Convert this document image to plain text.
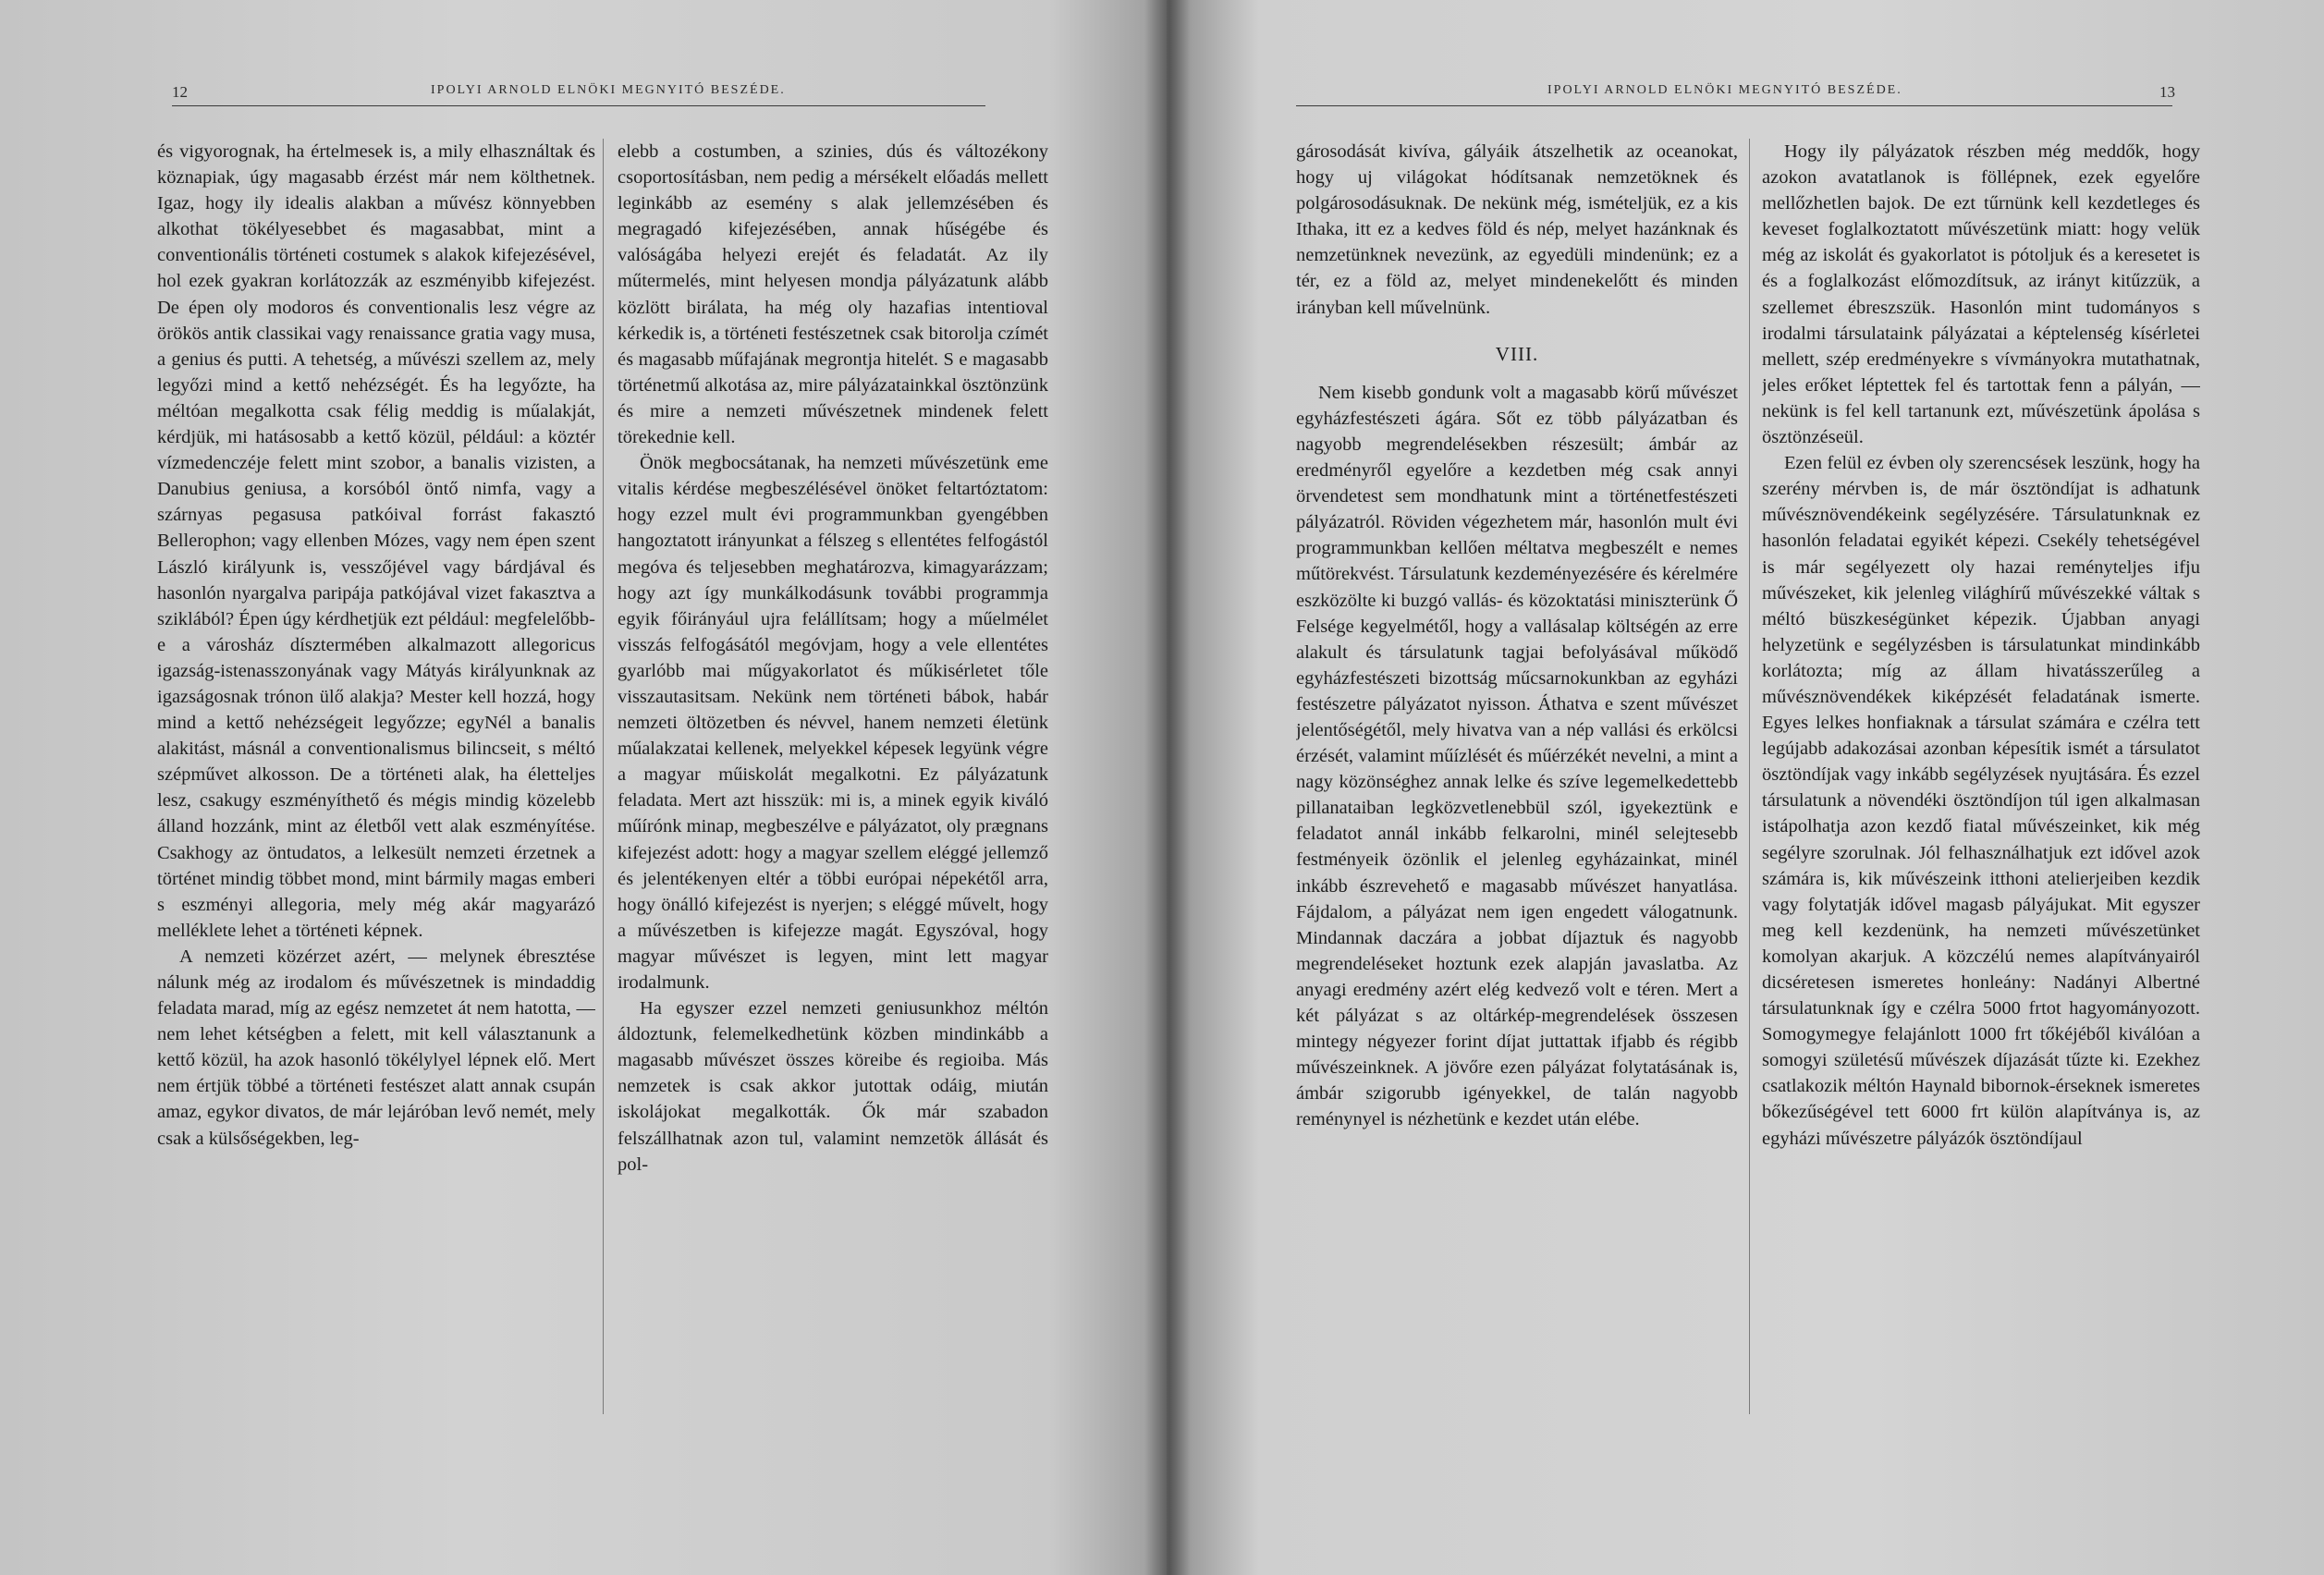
12	IPOLYI ARNOLD ELNÖKI MEGNYITÓ BESZÉDE.

és vigyorognak, ha értelmesek is, a mily elhasználtak és köznapiak, úgy magasabb érzést már nem költhetnek. Igaz, hogy ily idealis alakban a művész könnyebben alkothat tökélyesebbet és magasabbat, mint a conventionális történeti costumek s alakok kifejezésével, hol ezek gyakran korlátozzák az eszményibb kifejezést. De épen oly modoros és conventionalis lesz végre az örökös antik classikai vagy renaissance gratia vagy musa, a genius és putti. A tehetség, a művészi szellem az, mely legyőzi mind a kettő nehézségét. És ha legyőzte, ha méltóan megalkotta csak félig meddig is műalakját, kérdjük, mi hatásosabb a kettő közül, például: a köztér vízmedenczéje felett mint szobor, a banalis vizisten, a Danubius geniusa, a korsóból öntő nimfa, vagy a szárnyas pegasusa patkóival forrást fakasztó Bellerophon; vagy ellenben Mózes, vagy nem épen szent László királyunk is, vesszőjével vagy bárdjával és hasonlón nyargalva paripája patkójával vizet fakasztva a sziklából? Épen úgy kérdhetjük ezt például: megfelelőbb-e a városház dísztermében alkalmazott allegoricus igazság-istenasszonyának vagy Mátyás királyunknak az igazságosnak trónon ülő alakja? Mester kell hozzá, hogy mind a kettő nehézségeit legyőzze; egyNél a banalis alakitást, másnál a conventionalismus bilincseit, s méltó szépművet alkosson. De a történeti alak, ha életteljes lesz, csakugy eszményíthető és mégis mindig közelebb álland hozzánk, mint az életből vett alak eszményítése. Csakhogy az öntudatos, a lelkesült nemzeti érzetnek a történet mindig többet mond, mint bármily magas emberi s eszményi allegoria, mely még akár magyarázó melléklete lehet a történeti képnek.

A nemzeti közérzet azért, — melynek ébresztése nálunk még az irodalom és művészetnek is mindaddig feladata marad, míg az egész nemzetet át nem hatotta, — nem lehet kétségben a felett, mit kell választanunk a kettő közül, ha azok hasonló tökélylyel lépnek elő. Mert nem értjük többé a történeti festészet alatt annak csupán amaz, egykor divatos, de már lejáróban levő nemét, mely csak a külsőségekben, leg-

elebb a costumben, a szinies, dús és változékony csoportosításban, nem pedig a mérsékelt előadás mellett leginkább az esemény s alak jellemzésében és megragadó kifejezésében, annak hűségébe és valóságába helyezi erejét és feladatát. Az ily műtermelés, mint helyesen mondja pályázatunk alább közlött birálata, ha még oly hazafias intentioval kérkedik is, a történeti festészetnek csak bitorolja czímét és magasabb műfajának megrontja hitelét. S e magasabb történetmű alkotása az, mire pályázatainkkal ösztönzünk és mire a nemzeti művészetnek mindenek felett törekednie kell.

Önök megbocsátanak, ha nemzeti művészetünk eme vitalis kérdése megbeszélésével önöket feltartóztatom: hogy ezzel mult évi programmunkban gyengébben hangoztatott irányunkat a félszeg s ellentétes felfogástól megóva és teljesebben meghatározva, kimagyarázzam; hogy azt így munkálkodásunk további programmja egyik főirányául ujra felállítsam; hogy a műelmélet visszás felfogásától megóvjam, hogy a vele ellentétes gyarlóbb mai műgyakorlatot és műkisérletet tőle visszautasitsam. Nekünk nem történeti bábok, habár nemzeti öltözetben és névvel, hanem nemzeti életünk műalakzatai kellenek, melyekkel képesek legyünk végre a magyar műiskolát megalkotni. Ez pályázatunk feladata. Mert azt hisszük: mi is, a minek egyik kiváló műírónk minap, megbeszélve e pályázatot, oly prægnans kifejezést adott: hogy a magyar szellem eléggé jellemző és jelentékenyen eltér a többi európai népekétől arra, hogy önálló kifejezést is nyerjen; s eléggé művelt, hogy a művészetben is kifejezze magát. Egyszóval, hogy magyar művészet is legyen, mint lett magyar irodalmunk.

Ha egyszer ezzel nemzeti geniusunkhoz méltón áldoztunk, felemelkedhetünk közben mindinkább a magasabb művészet összes köreibe és regioiba. Más nemzetek is csak akkor jutottak odáig, miután iskolájokat megalkották. Ők már szabadon felszállhatnak azon tul, valamint nemzetök állását és pol-

IPOLYI ARNOLD ELNÖKI MEGNYITÓ BESZÉDE.	13

gárosodását kivíva, gályáik átszelhetik az oceanokat, hogy uj világokat hódítsanak nemzetöknek és polgárosodásuknak. De nekünk még, ismételjük, ez a kis Ithaka, itt ez a kedves föld és nép, melyet hazánknak és nemzetünknek nevezünk, az egyedüli mindenünk; ez a tér, ez a föld az, melyet mindenekelőtt és minden irányban kell művelnünk.

VIII.

Nem kisebb gondunk volt a magasabb körű művészet egyházfestészeti ágára. Sőt ez több pályázatban és nagyobb megrendelésekben részesült; ámbár az eredményről egyelőre a kezdetben még csak annyi örvendetest sem mondhatunk mint a történetfestészeti pályázatról. Röviden végezhetem már, hasonlón mult évi programmunkban kellően méltatva megbeszélt e nemes műtörekvést. Társulatunk kezdeményezésére és kérelmére eszközölte ki buzgó vallás- és közoktatási miniszterünk Ő Felsége kegyelmétől, hogy a vallásalap költségén az erre alakult és társulatunk tagjai befolyásával működő egyházfestészeti bizottság műcsarnokunkban az egyházi festészetre pályázatot nyisson. Áthatva e szent művészet jelentőségétől, mely hivatva van a nép vallási és erkölcsi érzését, valamint műízlését és műérzékét nevelni, a mint a nagy közönséghez annak lelke és szíve legemelkedettebb pillanataiban legközvetlenebbül szól, igyekeztünk e feladatot annál inkább felkarolni, minél selejtesebb festményeik özönlik el jelenleg egyházainkat, minél inkább észrevehető e magasabb művészet hanyatlása. Fájdalom, a pályázat nem igen engedett válogatnunk. Mindannak daczára a jobbat díjaztuk és nagyobb megrendeléseket hoztunk ezek alapján javaslatba. Az anyagi eredmény azért elég kedvező volt e téren. Mert a két pályázat s az oltárkép-megrendelések összesen mintegy négyezer forint díjat juttattak ifjabb és régibb művészeinknek. A jövőre ezen pályázat folytatásának is, ámbár szigorubb igényekkel, de talán nagyobb reménynyel is nézhetünk e kezdet után elébe.

Hogy ily pályázatok részben még meddők, hogy azokon avatatlanok is föllépnek, ezek egyelőre mellőzhetlen bajok. De ezt tűrnünk kell kezdetleges és keveset foglalkoztatott művészetünk miatt: hogy velük még az iskolát és gyakorlatot is pótoljuk és a keresetet is és a foglalkozást előmozdítsuk, az irányt kitűzzük, a szellemet ébreszszük. Hasonlón mint tudományos s irodalmi társulataink pályázatai a képtelenség kísérletei mellett, szép eredményekre s vívmányokra mutathatnak, jeles erőket léptettek fel és tartottak fenn a pályán, — nekünk is fel kell tartanunk ezt, művészetünk ápolása s ösztönzéseül.

Ezen felül ez évben oly szerencsések leszünk, hogy ha szerény mérvben is, de már ösztöndíjat is adhatunk művésznövendékeink segélyzésére. Társulatunknak ez hasonlón feladatai egyikét képezi. Csekély tehetségével is már segélyezett oly hazai reményteljes ifju művészeket, kik jelenleg világhírű művészekké váltak s méltó büszkeségünket képezik. Újabban anyagi helyzetünk e segélyzésben is társulatunkat mindinkább korlátozta; míg az állam hivatásszerűleg a művésznövendékek kiképzését feladatának ismerte. Egyes lelkes honfiaknak a társulat számára e czélra tett legújabb adakozásai azonban képesítik ismét a társulatot ösztöndíjak vagy inkább segélyzések nyujtására. És ezzel társulatunk a növendéki ösztöndíjon túl igen alkalmasan istápolhatja azon kezdő fiatal művészeinket, kik még segélyre szorulnak. Jól felhasználhatjuk ezt idővel azok számára is, kik művészeink itthoni atelierjeiben kezdik vagy folytatják idővel magasb pályájukat. Mit egyszer meg kell kezdenünk, ha nemzeti művészetünket komolyan akarjuk. A közczélú nemes alapítványairól dicséretesen ismeretes honleány: Nadányi Albertné társulatunknak így e czélra 5000 frtot hagyományozott. Somogymegye felajánlott 1000 frt tőkéjéből kiválóan a somogyi születésű művészek díjazását tűzte ki. Ezekhez csatlakozik méltón Haynald bibornok-érseknek ismeretes bőkezűségével tett 6000 frt külön alapítványa is, az egyházi művészetre pályázók ösztöndíjaul
